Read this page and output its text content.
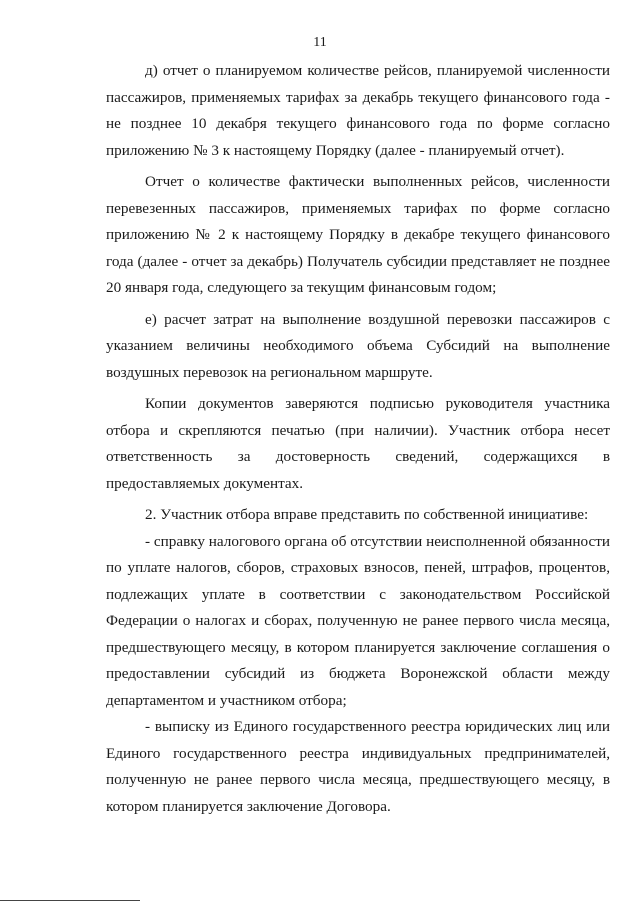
11

д) отчет о планируемом количестве рейсов, планируемой численности пассажиров, применяемых тарифах за декабрь текущего финансового года - не позднее 10 декабря текущего финансового года по форме согласно приложению № 3 к настоящему Порядку (далее - планируемый отчет).

Отчет о количестве фактически выполненных рейсов, численности перевезенных пассажиров, применяемых тарифах по форме согласно приложению № 2 к настоящему Порядку в декабре текущего финансового года (далее - отчет за декабрь) Получатель субсидии представляет не позднее 20 января года, следующего за текущим финансовым годом;

е) расчет затрат на выполнение воздушной перевозки пассажиров с указанием величины необходимого объема Субсидий на выполнение воздушных перевозок на региональном маршруте.

Копии документов заверяются подписью руководителя участника отбора и скрепляются печатью (при наличии). Участник отбора несет ответственность за достоверность сведений, содержащихся в предоставляемых документах.

2. Участник отбора вправе представить по собственной инициативе:

- справку налогового органа об отсутствии неисполненной обязанности по уплате налогов, сборов, страховых взносов, пеней, штрафов, процентов, подлежащих уплате в соответствии с законодательством Российской Федерации о налогах и сборах, полученную не ранее первого числа месяца, предшествующего месяцу, в котором планируется заключение соглашения о предоставлении субсидий из бюджета Воронежской области между департаментом и участником отбора;

- выписку из Единого государственного реестра юридических лиц или Единого государственного реестра индивидуальных предпринимателей, полученную не ранее первого числа месяца, предшествующего месяцу, в котором планируется заключение Договора.
